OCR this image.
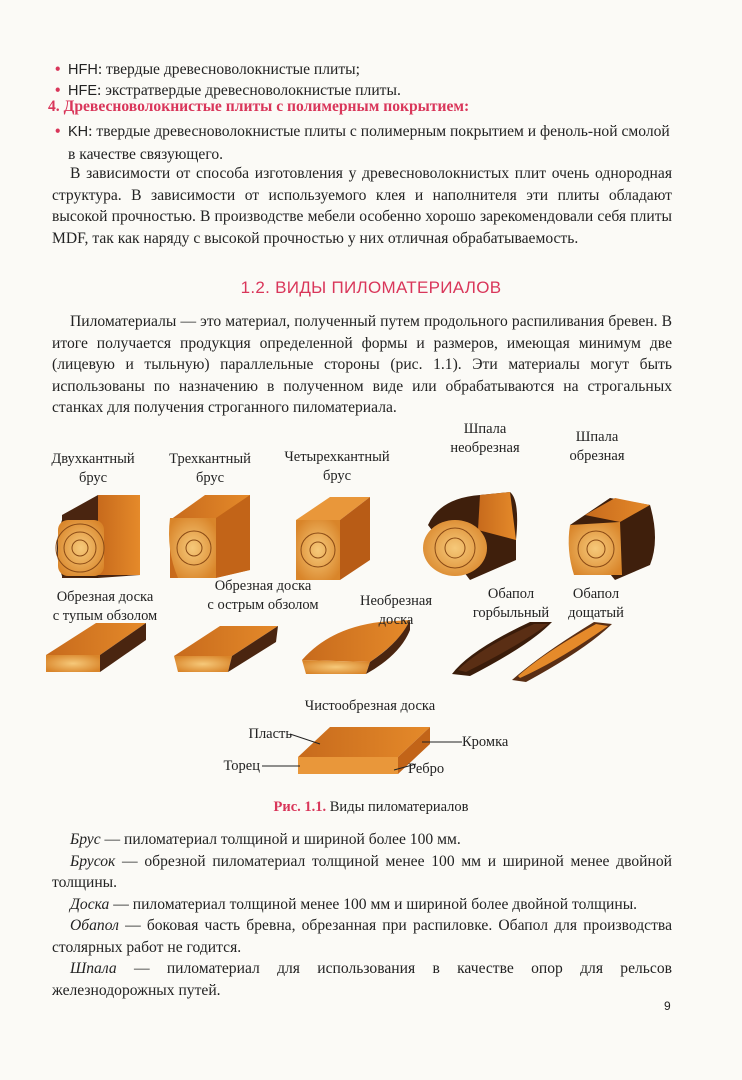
• HFH: твердые древесноволокнистые плиты;

• HFE: экстратвердые древесноволокнистые плиты.

4. Древесноволокнистые плиты с полимерным покрытием:

• KH: твердые древесноволокнистые плиты с полимерным покрытием и феноль-ной смолой в качестве связующего.

В зависимости от способа изготовления у древесноволокнистых плит очень однородная структура. В зависимости от используемого клея и наполнителя эти плиты обладают высокой прочностью. В производстве мебели особенно хорошо зарекомендовали себя плиты MDF, так как наряду с высокой прочностью у них отличная обрабатываемость.

1.2. ВИДЫ ПИЛОМАТЕРИАЛОВ

Пиломатериалы — это материал, полученный путем продольного распиливания бревен. В итоге получается продукция определенной формы и размеров, имеющая минимум две (лицевую и тыльную) параллельные стороны (рис. 1.1). Эти материалы могут быть использованы по назначению в полученном виде или обрабатываются на строгальных станках для получения строганного пиломатериала.

Двухкантный
брус
Трехкантный
брус
Четырехкантный
брус
Шпала
необрезная
Шпала
обрезная
Обрезная доска
с тупым обзолом
Обрезная доска
с острым обзолом	Необрезная
доска
Обапол
горбыльный
Обапол
дощатый
Чистообрезная доска
Пласть	Кромка
Торец	Ребро
Рис. 1.1. Виды пиломатериалов

Брус — пиломатериал толщиной и шириной более 100 мм.

Брусок — обрезной пиломатериал толщиной менее 100 мм и шириной менее двойной толщины.

Доска — пиломатериал толщиной менее 100 мм и шириной более двойной толщины.

Обапол — боковая часть бревна, обрезанная при распиловке. Обапол для производства столярных работ не годится.

Шпала — пиломатериал для использования в качестве опор для рельсов железнодорожных путей.

9
